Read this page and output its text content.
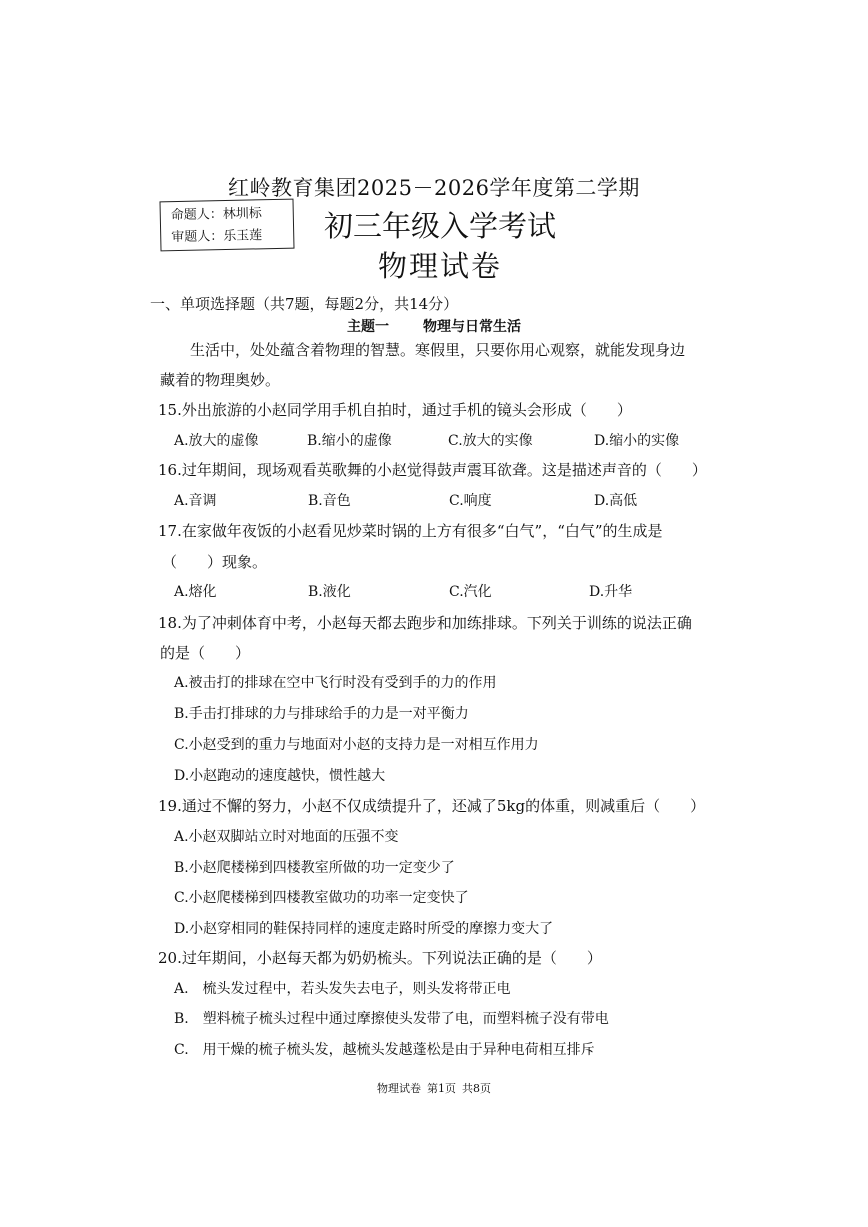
红岭教育集团2025－2026学年度第二学期
命题人：林圳标
审题人：乐玉莲	初三年级入学考试
物理试卷
一、单项选择题（共7题，每题2分，共14分）
主题一 物理与日常生活
生活中，处处蕴含着物理的智慧。寒假里，只要你用心观察，就能发现身边
藏着的物理奥妙。
15.外出旅游的小赵同学用手机自拍时，通过手机的镜头会形成（　　）
A.放大的虚像	B.缩小的虚像	C.放大的实像	D.缩小的实像
16.过年期间，现场观看英歌舞的小赵觉得鼓声震耳欲聋。这是描述声音的（　　）
A.音调	B.音色	C.响度	D.高低
17.在家做年夜饭的小赵看见炒菜时锅的上方有很多“白气”，“白气”的生成是
（　　）现象。
A.熔化	B.液化	C.汽化	D.升华
18.为了冲刺体育中考，小赵每天都去跑步和加练排球。下列关于训练的说法正确
的是（　　）
A.被击打的排球在空中飞行时没有受到手的力的作用
B.手击打排球的力与排球给手的力是一对平衡力
C.小赵受到的重力与地面对小赵的支持力是一对相互作用力
D.小赵跑动的速度越快，惯性越大
19.通过不懈的努力，小赵不仅成绩提升了，还减了5kg的体重，则减重后（　　）
A.小赵双脚站立时对地面的压强不变
B.小赵爬楼梯到四楼教室所做的功一定变少了
C.小赵爬楼梯到四楼教室做功的功率一定变快了
D.小赵穿相同的鞋保持同样的速度走路时所受的摩擦力变大了
20.过年期间，小赵每天都为奶奶梳头。下列说法正确的是（　　）
A.　梳头发过程中，若头发失去电子，则头发将带正电
B.　塑料梳子梳头过程中通过摩擦使头发带了电，而塑料梳子没有带电
C.　用干燥的梳子梳头发，越梳头发越蓬松是由于异种电荷相互排斥
物理试卷 第1页 共8页
